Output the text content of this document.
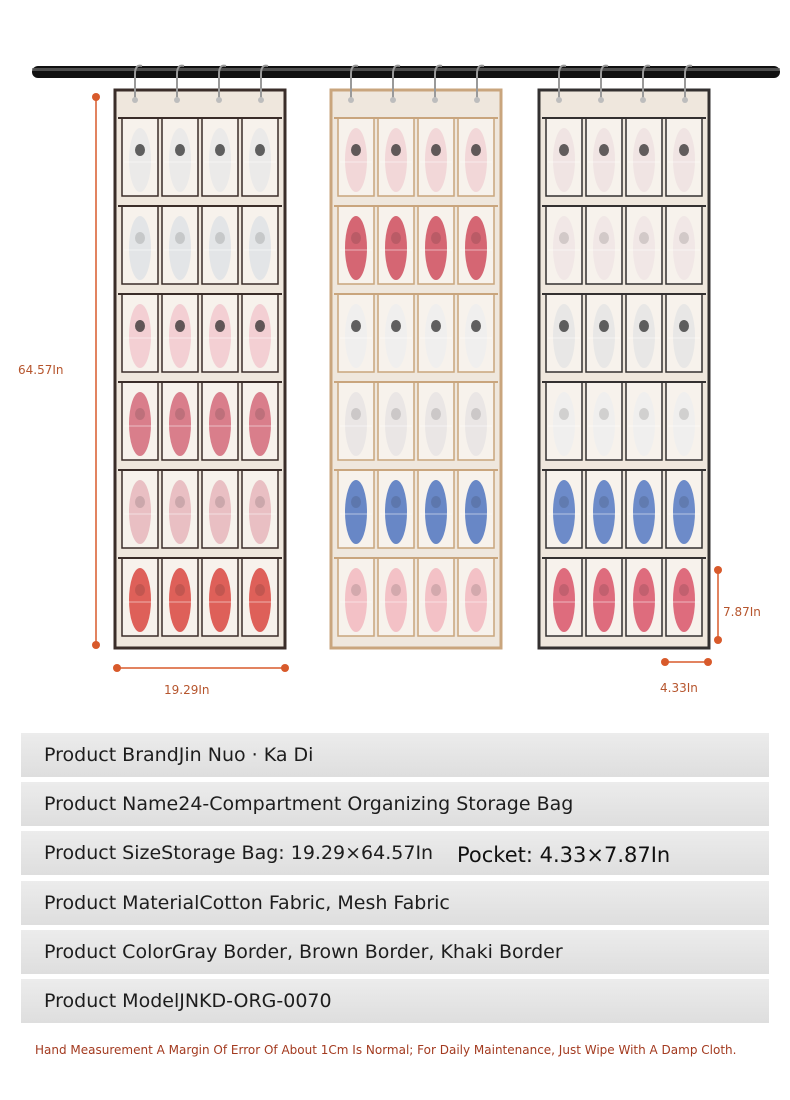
64.57In
19.29In
7.87In
4.33In
Product BrandJin Nuo · Ka Di
Product Name24-Compartment Organizing Storage Bag
Product SizeStorage Bag: 19.29×64.57In Pocket: 4.33×7.87In
Product MaterialCotton Fabric, Mesh Fabric
Product ColorGray Border, Brown Border, Khaki Border
Product ModelJNKD-ORG-0070
Hand Measurement A Margin Of Error Of About 1Cm Is Normal; For Daily Maintenance, Just Wipe With A Damp Cloth.
